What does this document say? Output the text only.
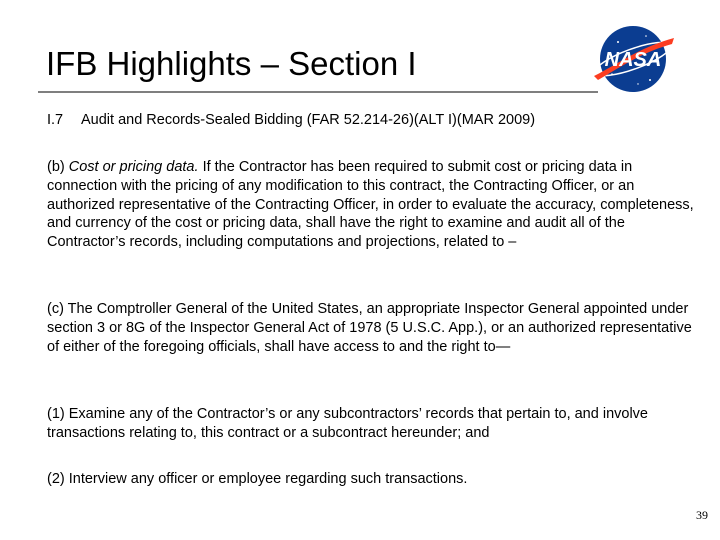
IFB Highlights – Section I	NASA
I.7 Audit and Records-Sealed Bidding (FAR 52.214-26)(ALT I)(MAR 2009)
(b) Cost or pricing data. If the Contractor has been required to submit cost or pricing data in connection with the pricing of any modification to this contract, the Contracting Officer, or an authorized representative of the Contracting Officer, in order to evaluate the accuracy, completeness, and currency of the cost or pricing data, shall have the right to examine and audit all of the Contractor’s records, including computations and projections, related to –
(c) The Comptroller General of the United States, an appropriate Inspector General appointed under section 3 or 8G of the Inspector General Act of 1978 (5 U.S.C. App.), or an authorized representative of either of the foregoing officials, shall have access to and the right to—
(1) Examine any of the Contractor’s or any subcontractors’ records that pertain to, and involve transactions relating to, this contract or a subcontract hereunder; and
(2) Interview any officer or employee regarding such transactions.
39
